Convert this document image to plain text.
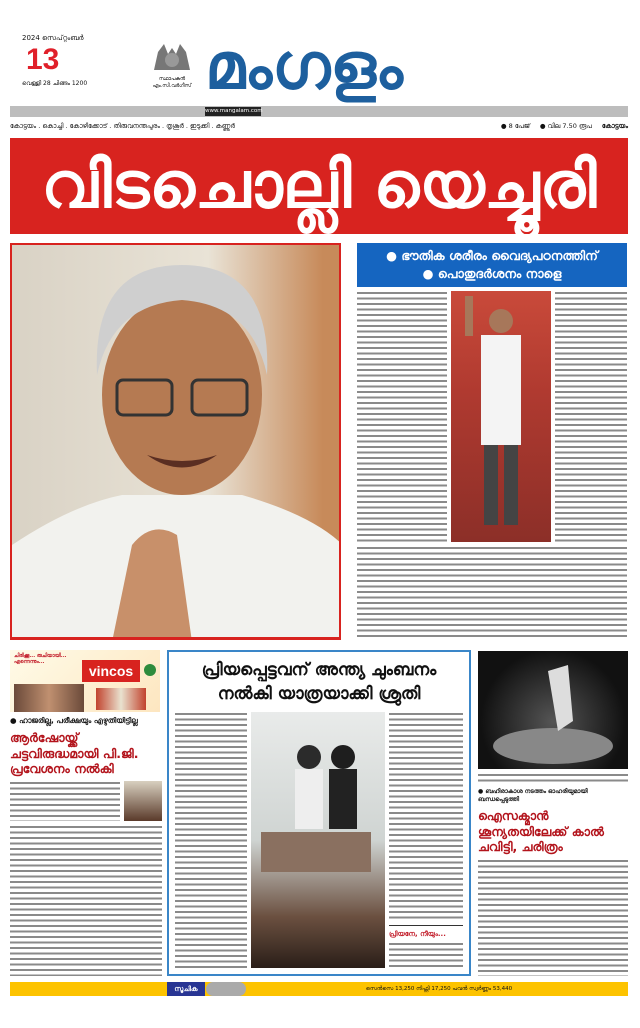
2024 സെപ്റ്റംബർ
13
വെള്ളി 28 ചിങ്ങം 1200
സ്ഥാപകൻ എം.സി.വർഗീസ് മംഗളം
www.mangalam.com
കോട്ടയം . കൊച്ചി . കോഴിക്കോട് . തിരുവനന്തപുരം . തൃശൂർ . ഇടുക്കി . കണ്ണൂർ	● 8 പേജ് ● വില 7.50 രൂപ കോട്ടയം
വിടചൊല്ലി യെച്ചൂരി
● ഭൗതിക ശരീരം വൈദ്യപഠനത്തിന്
● പൊതുദർശനം നാളെ
ചിരിക്കൂ... രുചിയായി... എന്നെന്നും...
vincos
● ഹാജരില്ല, പരീക്ഷയും എഴുതിയിട്ടില്ല
ആർഷോയ്ക്ക് ചട്ടവിരുദ്ധമായി പി.ജി. പ്രവേശനം നൽകി
പ്രിയപ്പെട്ടവന് അന്ത്യ ചുംബനം നൽകി യാത്രയാക്കി ശ്രുതി
പ്രിയനേ, നീയും...
● ബഹിരാകാശ നടത്തം ഓഹരിയുമായി ബന്ധപ്പെടുത്തി
ഐസക്മാൻ ശൂന്യതയിലേക്ക് കാൽ ചവിട്ടി, ചരിത്രം
സൂചിക	സെൻസെ 13,250 നിഫ്റ്റി 17,250 പവൻ സ്വർണ്ണം 53,440
